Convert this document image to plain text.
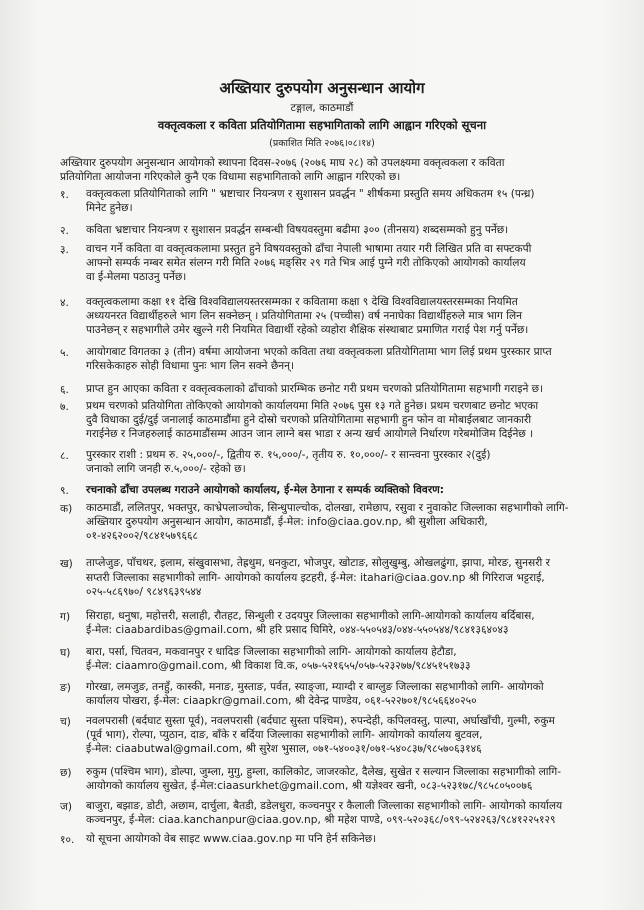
अख्तियार दुरुपयोग अनुसन्धान आयोग
टङ्गाल, काठमाडौं
वक्तृत्वकला र कविता प्रतियोगितामा सहभागिताको लागि आह्वान गरिएको सूचना
(प्रकाशित मिति २०७६।०८।१४)
अख्तियार दुरुपयोग अनुसन्धान आयोगको स्थापना दिवस-२०७६ (२०७६ माघ २८) को उपलक्ष्यमा वक्तृत्वकला र कविता
प्रतियोगिता आयोजना गरिएकोले कुनै एक विधामा सहभागिताको लागि आह्वान गरिएको छ।
१. वक्तृत्वकला प्रतियोगिताको लागि " भ्रष्टाचार नियन्त्रण र सुशासन प्रवर्द्धन " शीर्षकमा प्रस्तुति समय अधिकतम १५ (पन्ध्र)
मिनेट हुनेछ।
२. कविता भ्रष्टाचार नियन्त्रण र सुशासन प्रवर्द्धन सम्बन्धी विषयवस्तुमा बढीमा ३०० (तीनसय) शब्दसम्मको हुनु पर्नेछ।
३. वाचन गर्ने कविता वा वक्तृत्वकलामा प्रस्तुत हुने विषयवस्तुको ढाँचा नेपाली भाषामा तयार गरी लिखित प्रति वा सफ्टकपी
आफ्नो सम्पर्क नम्बर समेत संलग्न गरी मिति २०७६ मङ्सिर २९ गते भित्र आई पुग्ने गरी तोकिएको आयोगको कार्यालय
वा ई-मेलमा पठाउनु पर्नेछ।
४. वक्तृत्वकलामा कक्षा ११ देखि विश्वविद्यालयस्तरसम्मका र कवितामा कक्षा ९ देखि विश्वविद्यालयस्तरसम्मका नियमित
अध्ययनरत विद्यार्थीहरुले भाग लिन सक्नेछन् । प्रतियोगितामा २५ (पच्चीस) वर्ष ननाघेका विद्यार्थीहरुले मात्र भाग लिन
पाउनेछन् र सहभागीले उमेर खुल्ने गरी नियमित विद्यार्थी रहेको व्यहोरा शैक्षिक संस्थाबाट प्रमाणित गराई पेश गर्नु पर्नेछ।
५. आयोगबाट विगतका ३ (तीन) वर्षमा आयोजना भएको कविता तथा वक्तृत्वकला प्रतियोगितामा भाग लिई प्रथम पुरस्कार प्राप्त
गरिसकेकाहरु सोही विधामा पुनः भाग लिन सक्ने छैनन्।
६. प्राप्त हुन आएका कविता र वक्तृत्वकलाको ढाँचाको प्रारम्भिक छनोट गरी प्रथम चरणको प्रतियोगितामा सहभागी गराइने छ।
७. प्रथम चरणको प्रतियोगिता तोकिएको आयोगको कार्यालयमा मिति २०७६ पुस १३ गते हुनेछ। प्रथम चरणबाट छनोट भएका
दुवै विधाका दुई/दुई जनालाई काठमाडौंमा हुने दोस्रो चरणको प्रतियोगितामा सहभागी हुन फोन वा मोबाईलबाट जानकारी
गराईनेछ र निजहरुलाई काठमाडौंसम्म आउन जान लाग्ने बस भाडा र अन्य खर्च आयोगले निर्धारण गरेबमोजिम दिईनेछ ।
८. पुरस्कार राशी : प्रथम रु. २५,०००/-, द्वितीय रु. १५,०००/-, तृतीय रु. १०,०००/- र सान्त्वना पुरस्कार २(दुई)
जनाको लागि जनही रु.५,०००/- रहेको छ।
९. रचनाको ढाँचा उपलब्ध गराउने आयोगको कार्यालय, ई-मेल ठेगाना र सम्पर्क व्यक्तिको विवरण:
क) काठमाडौं, ललितपुर, भक्तपुर, काभ्रेपलाञ्चोक, सिन्धुपाल्चोक, दोलखा, रामेछाप, रसुवा र नुवाकोट जिल्लाका सहभागीको लागि-
अख्तियार दुरुपयोग अनुसन्धान आयोग, काठमाडौं, ई-मेल: info@ciaa.gov.np, श्री सुशीला अधिकारी,
०१-४२६२००२/९८४१५७९६६८
ख) ताप्लेजुङ, पाँचथर, इलाम, संखुवासभा, तेह्रथुम, धनकुटा, भोजपुर, खोटाङ, सोलुखुम्बु, ओखलढुंगा, झापा, मोरङ, सुनसरी र
सप्तरी जिल्लाका सहभागीको लागि- आयोगको कार्यालय इटहरी, ई-मेल: itahari@ciaa.gov.np श्री गिरिराज भट्टराई,
०२५-५८६९७०/ ९८४९६३९५४४
ग) सिराहा, धनुषा, महोत्तरी, सलाही, रौतहट, सिन्धुली र उदयपुर जिल्लाका सहभागीको लागि-आयोगको कार्यालय बर्दिबास,
ई-मेल: ciaabardibas@gmail.com, श्री हरि प्रसाद घिमिरे, ०४४-५५०५४३/०४४-५५०५४४/९८४१३६४०४३
घ) बारा, पर्सा, चितवन, मकवानपुर र धादिङ जिल्लाका सहभागीको लागि- आयोगको कार्यालय हेटौडा,
ई-मेल: ciaamro@gmail.com, श्री विकाश वि.क, ०५७-५२१६५५/०५७-५२३२७७/९८४५१५१७३३
ङ) गोरखा, लमजुङ, तनहुँ, कास्की, मनाङ, मुस्ताङ, पर्वत, स्याङ्जा, म्याग्दी र बाग्लुङ जिल्लाका सहभागीको लागि- आयोगको
कार्यालय पोखरा, ई-मेल: ciaapkr@gmail.com, श्री देवेन्द्र पाण्डेय, ०६१-५२२७०१/९८५६६४०२५०
च) नवलपरासी (बर्दघाट सुस्ता पूर्व), नवलपरासी (बर्दघाट सुस्ता पश्चिम), रुपन्देही, कपिलवस्तु, पाल्पा, अर्घाखाँची, गुल्मी, रुकुम
(पूर्व भाग), रोल्पा, प्युठान, दाङ, बाँके र बर्दिया जिल्लाका सहभागीको लागि- आयोगको कार्यालय बुटवल,
ई-मेल: ciaabutwal@gmail.com, श्री सुरेश भुसाल, ०७१-५४००३१/०७१-५४०८३७/९८५७०६३१४६
छ) रुकुम (पश्चिम भाग), डोल्पा, जुम्ला, मुगु, हुम्ला, कालिकोट, जाजरकोट, दैलेख, सुखेत र सल्यान जिल्लाका सहभागीको लागि-
आयोगको कार्यालय सुखेत, ई-मेल:ciaasurkhet@gmail.com, श्री यज्ञेश्वर खनी, ०८३-५२३१७८/९८५८०५००७६
ज) बाजुरा, बझाङ, डोटी, अछाम, दार्चुला, बैतडी, डडेलधुरा, कञ्चनपुर र कैलाली जिल्लाका सहभागीको लागि- आयोगको कार्यालय
कञ्चनपुर, ई-मेल: ciaa.kanchanpur@ciaa.gov.np, श्री महेश पाण्डे, ०९९-५२०३६८/०९९-५२४२६३/९८४१२२५१२९
१०. यो सूचना आयोगको वेब साइट www.ciaa.gov.np मा पनि हेर्न सकिनेछ।
